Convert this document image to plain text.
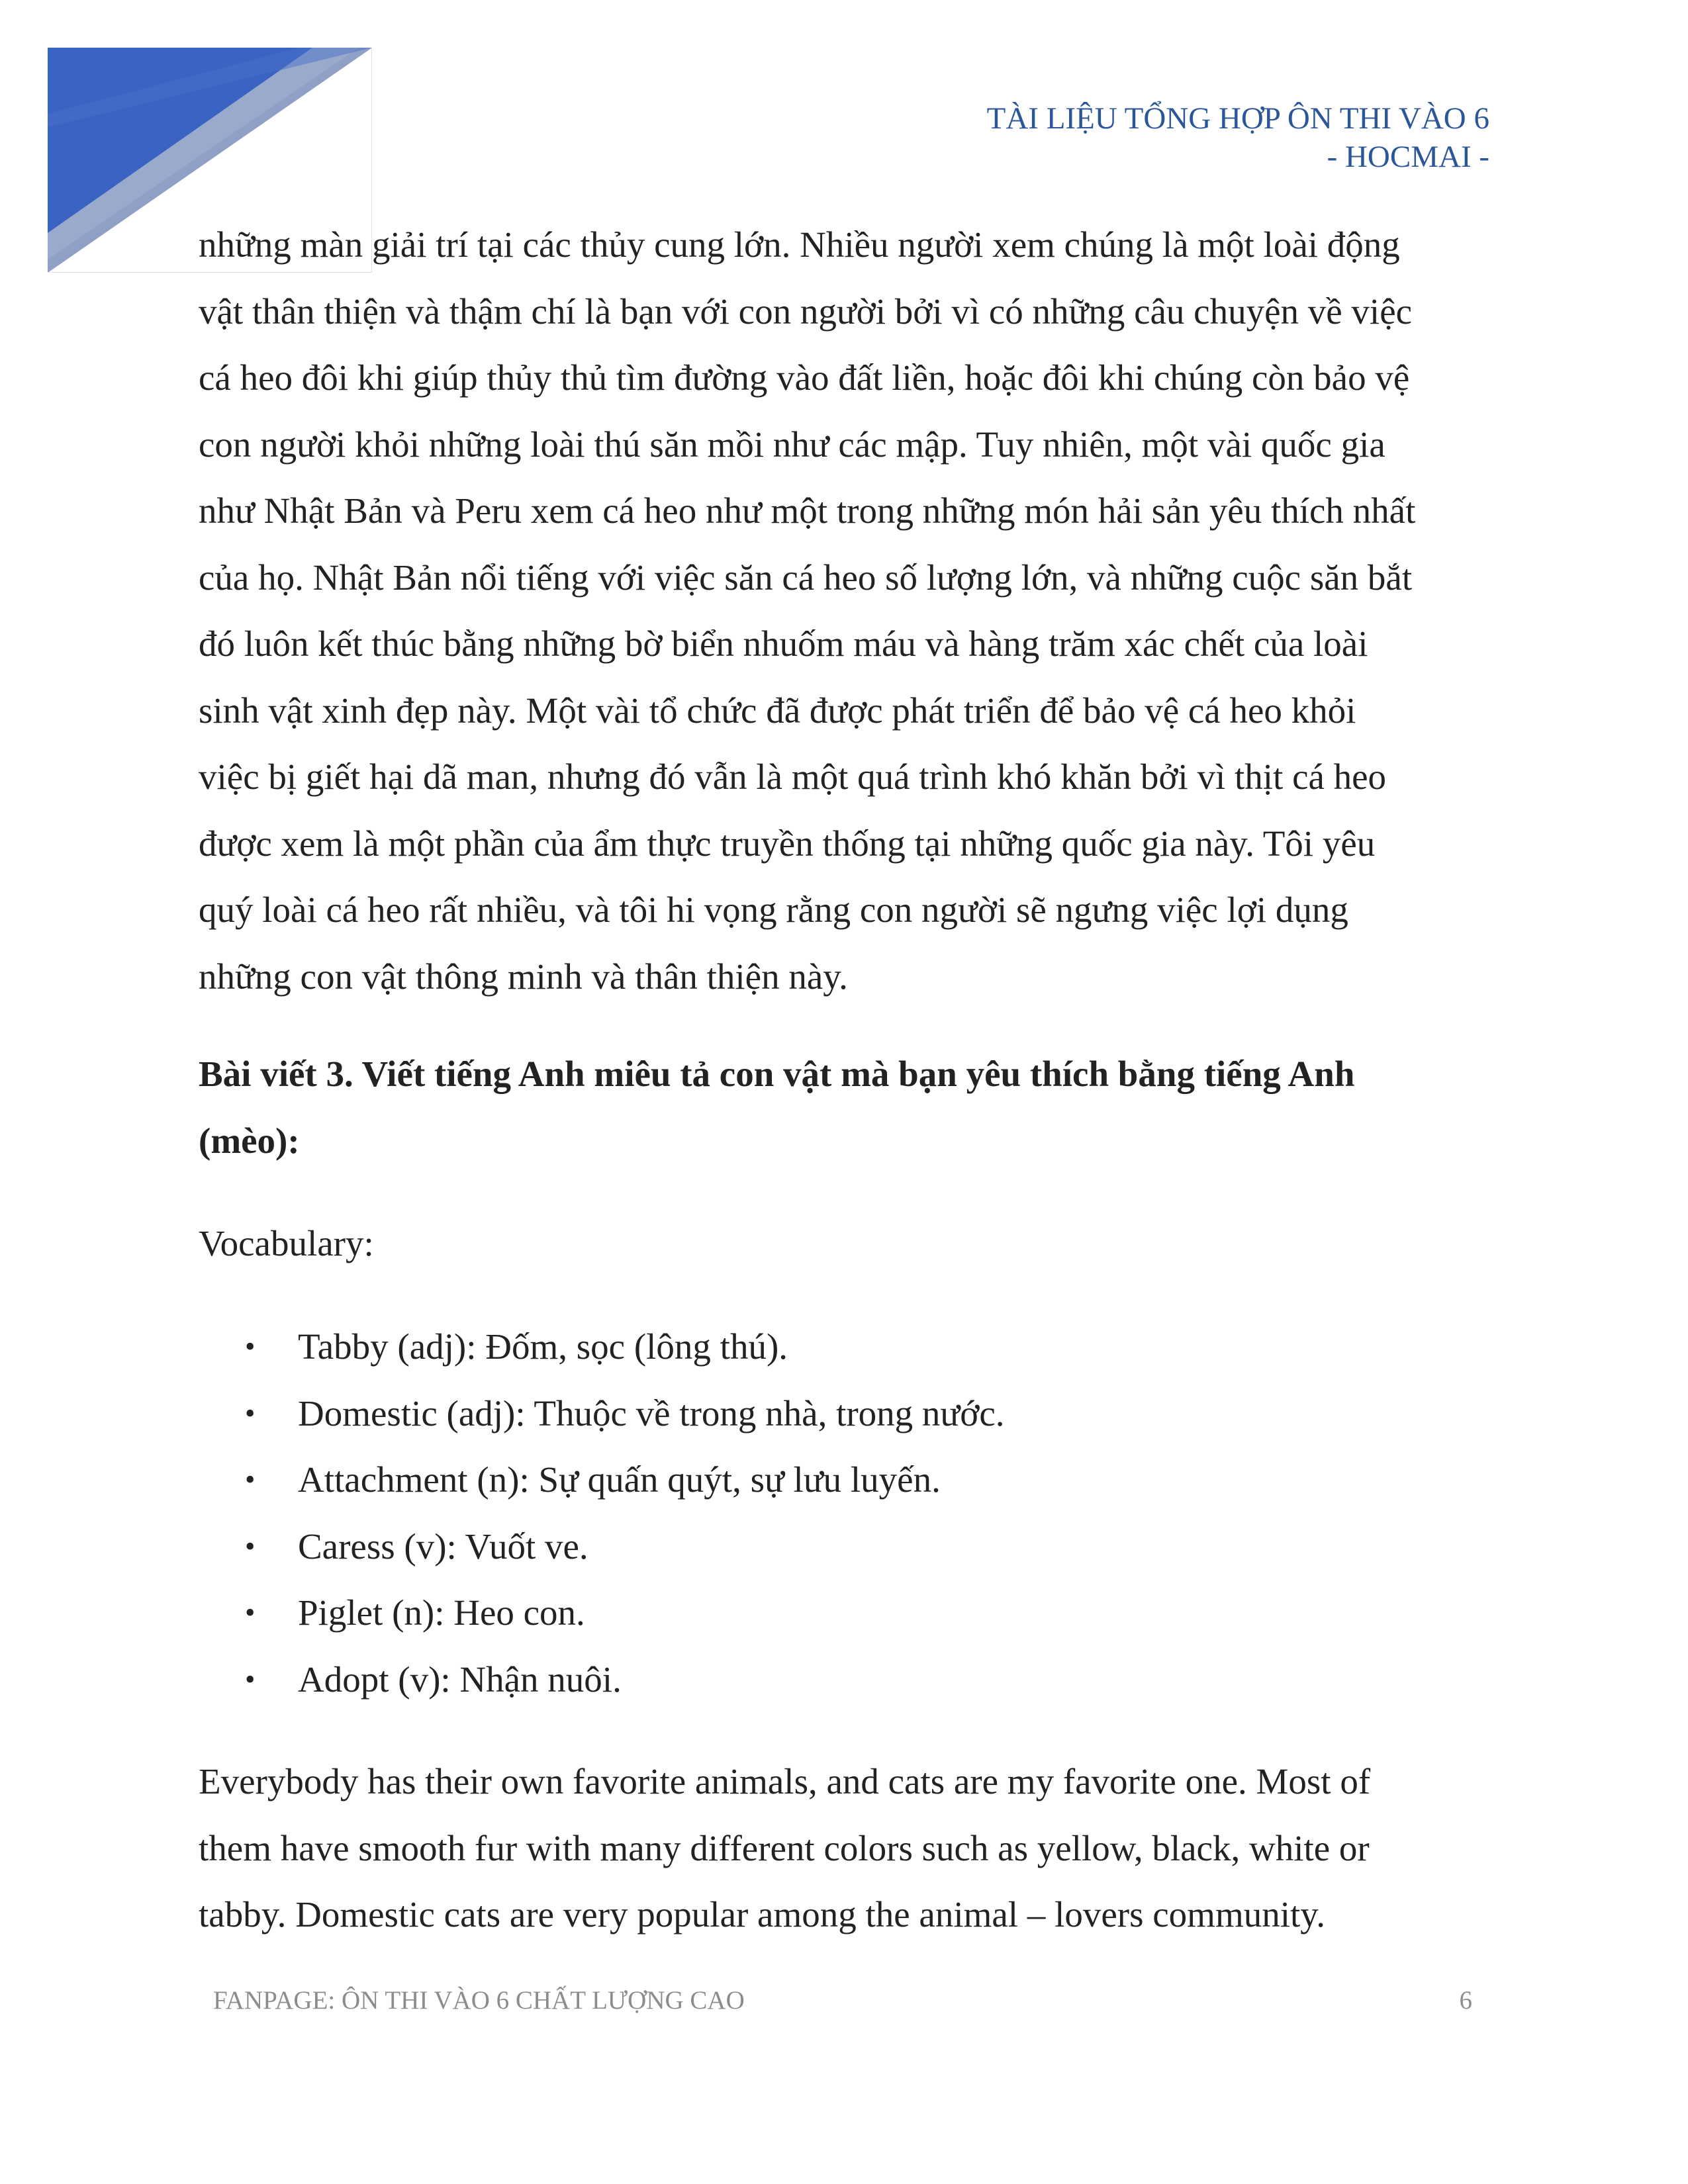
TÀI LIỆU TỔNG HỢP ÔN THI VÀO 6
- HOCMAI -

những màn giải trí tại các thủy cung lớn. Nhiều người xem chúng là một loài động

vật thân thiện và thậm chí là bạn với con người bởi vì có những câu chuyện về việc

cá heo đôi khi giúp thủy thủ tìm đường vào đất liền, hoặc đôi khi chúng còn bảo vệ

con người khỏi những loài thú săn mồi như các mập. Tuy nhiên, một vài quốc gia

như Nhật Bản và Peru xem cá heo như một trong những món hải sản yêu thích nhất

của họ. Nhật Bản nổi tiếng với việc săn cá heo số lượng lớn, và những cuộc săn bắt

đó luôn kết thúc bằng những bờ biển nhuốm máu và hàng trăm xác chết của loài

sinh vật xinh đẹp này. Một vài tổ chức đã được phát triển để bảo vệ cá heo khỏi

việc bị giết hại dã man, nhưng đó vẫn là một quá trình khó khăn bởi vì thịt cá heo

được xem là một phần của ẩm thực truyền thống tại những quốc gia này. Tôi yêu

quý loài cá heo rất nhiều, và tôi hi vọng rằng con người sẽ ngưng việc lợi dụng

những con vật thông minh và thân thiện này.

Bài viết 3. Viết tiếng Anh miêu tả con vật mà bạn yêu thích bằng tiếng Anh

(mèo):

Vocabulary:

• Tabby (adj): Đốm, sọc (lông thú).
• Domestic (adj): Thuộc về trong nhà, trong nước.
• Attachment (n): Sự quấn quýt, sự lưu luyến.
• Caress (v): Vuốt ve.
• Piglet (n): Heo con.
• Adopt (v): Nhận nuôi.

Everybody has their own favorite animals, and cats are my favorite one. Most of

them have smooth fur with many different colors such as yellow, black, white or

tabby. Domestic cats are very popular among the animal – lovers community.

FANPAGE: ÔN THI VÀO 6 CHẤT LƯỢNG CAO	6
